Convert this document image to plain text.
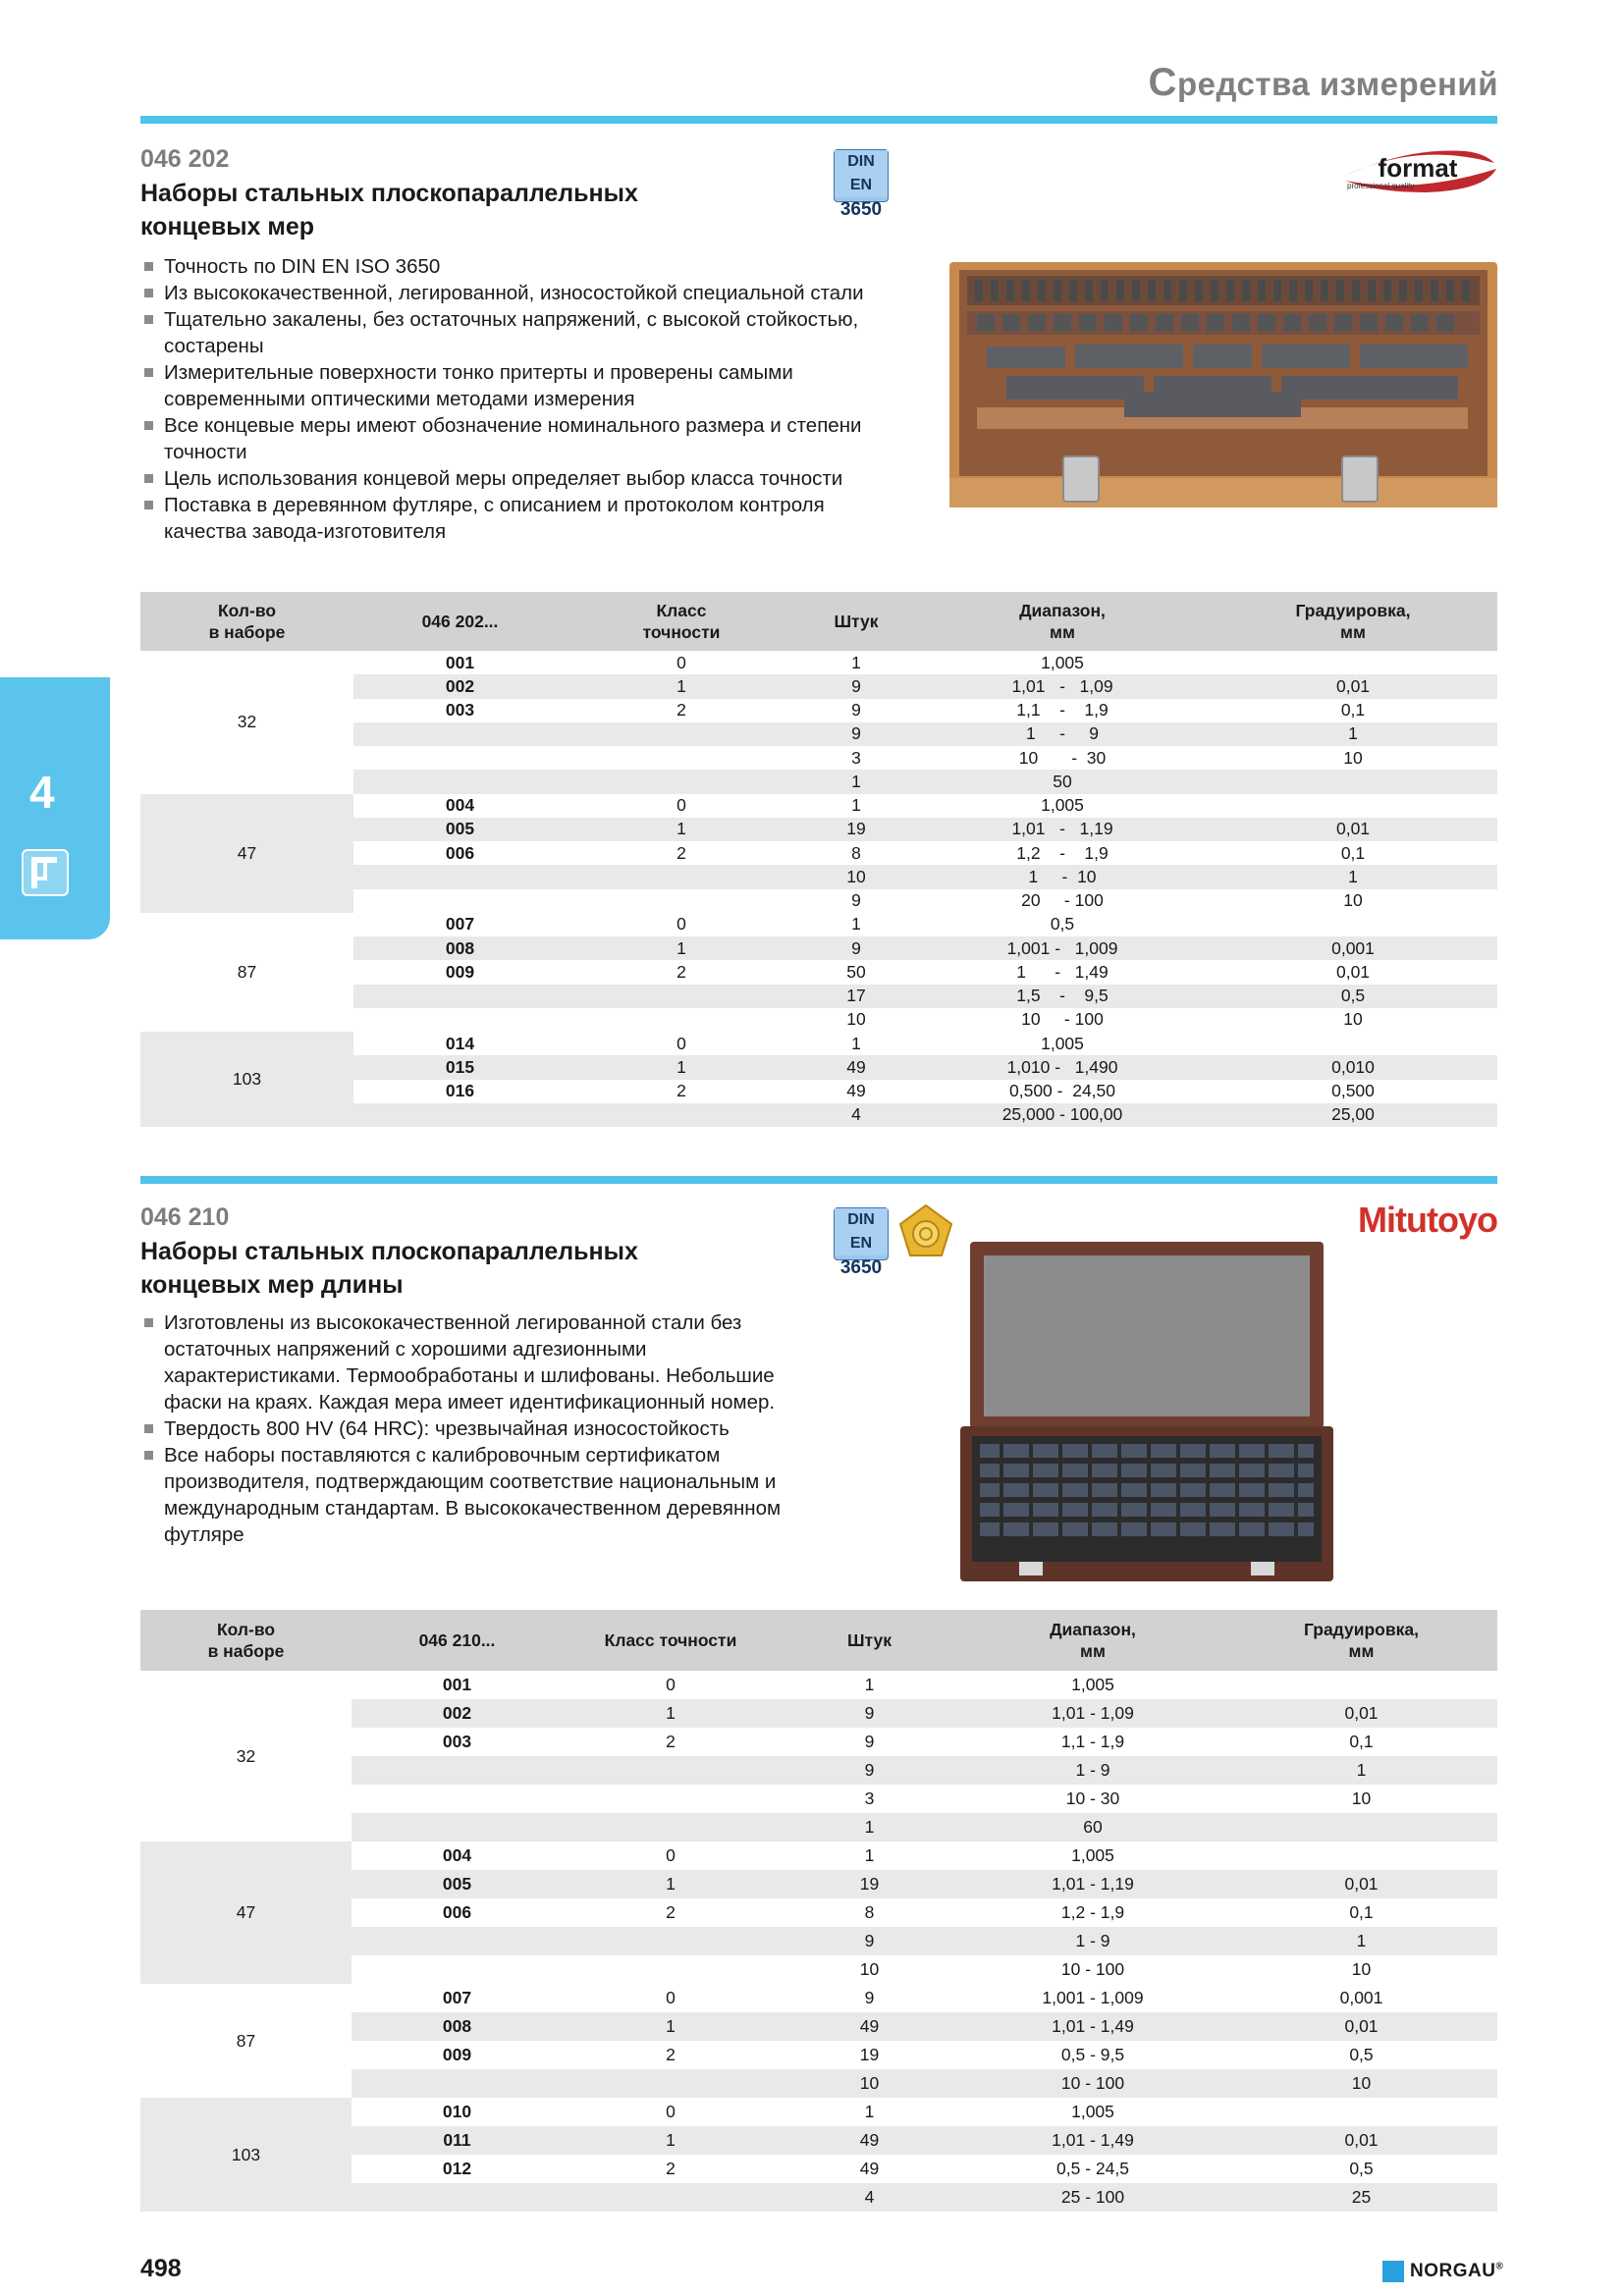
Средства измерений
4
046 202
Наборы стальных плоскопараллельных концевых мер
DIN EN
3650
format
professional quality
Точность по DIN EN ISO 3650
Из высококачественной, легированной, износостойкой специальной стали
Тщательно закалены, без остаточных напряжений, с высокой стойкостью, состарены
Измерительные поверхности тонко притерты и проверены самыми современными оптическими методами измерения
Все концевые меры имеют обозначение номинального размера и степени точности
Цель использования концевой меры определяет выбор класса точности
Поставка в деревянном футляре, с описанием и протоколом контроля качества завода-изготовителя
Кол-во
в наборе	046 202...	Класс
точности	Штук	Диапазон,
мм	Градуировка,
мм
32	001	0	1	1,005	
	002	1	9	1,01   -   1,09	0,01
	003	2	9	1,1    -    1,9	0,1
			9	1     -     9	1
			3	10       -  30	10
			1	50	
47	004	0	1	1,005	
	005	1	19	1,01   -   1,19	0,01
	006	2	8	1,2    -    1,9	0,1
			10	1     -  10	1
			9	20     - 100	10
87	007	0	1	0,5	
	008	1	9	1,001 -   1,009	0,001
	009	2	50	1      -   1,49	0,01
			17	1,5    -    9,5	0,5
			10	10     - 100	10
103	014	0	1	1,005	
	015	1	49	1,010 -   1,490	0,010
	016	2	49	0,500 -  24,50	0,500
			4	25,000 - 100,00	25,00
046 210
Наборы стальных плоскопараллельных концевых мер длины
DIN EN
3650
Mitutoyo
Изготовлены из высококачественной легированной стали без остаточных напряжений с хорошими адгезионными характеристиками. Термообработаны и шлифованы. Небольшие фаски на краях. Каждая мера имеет идентификационный номер.
Твердость 800 HV (64 HRC): чрезвычайная износостойкость
Все наборы поставляются с калибровочным сертификатом производителя, подтверждающим соответствие национальным и международным стандартам. В высококачественном деревянном футляре
Кол-во
в наборе	046 210...	Класс точности	Штук	Диапазон,
мм	Градуировка,
мм
32	001	0	1	1,005	
	002	1	9	1,01 - 1,09	0,01
	003	2	9	1,1 - 1,9	0,1
			9	1 - 9	1
			3	10 - 30	10
			1	60	
47	004	0	1	1,005	
	005	1	19	1,01 - 1,19	0,01
	006	2	8	1,2 - 1,9	0,1
			9	1 - 9	1
			10	10 - 100	10
87	007	0	9	1,001 - 1,009	0,001
	008	1	49	1,01 - 1,49	0,01
	009	2	19	0,5 - 9,5	0,5
			10	10 - 100	10
103	010	0	1	1,005	
	011	1	49	1,01 - 1,49	0,01
	012	2	49	0,5 - 24,5	0,5
			4	25 - 100	25
498	NORGAU®
